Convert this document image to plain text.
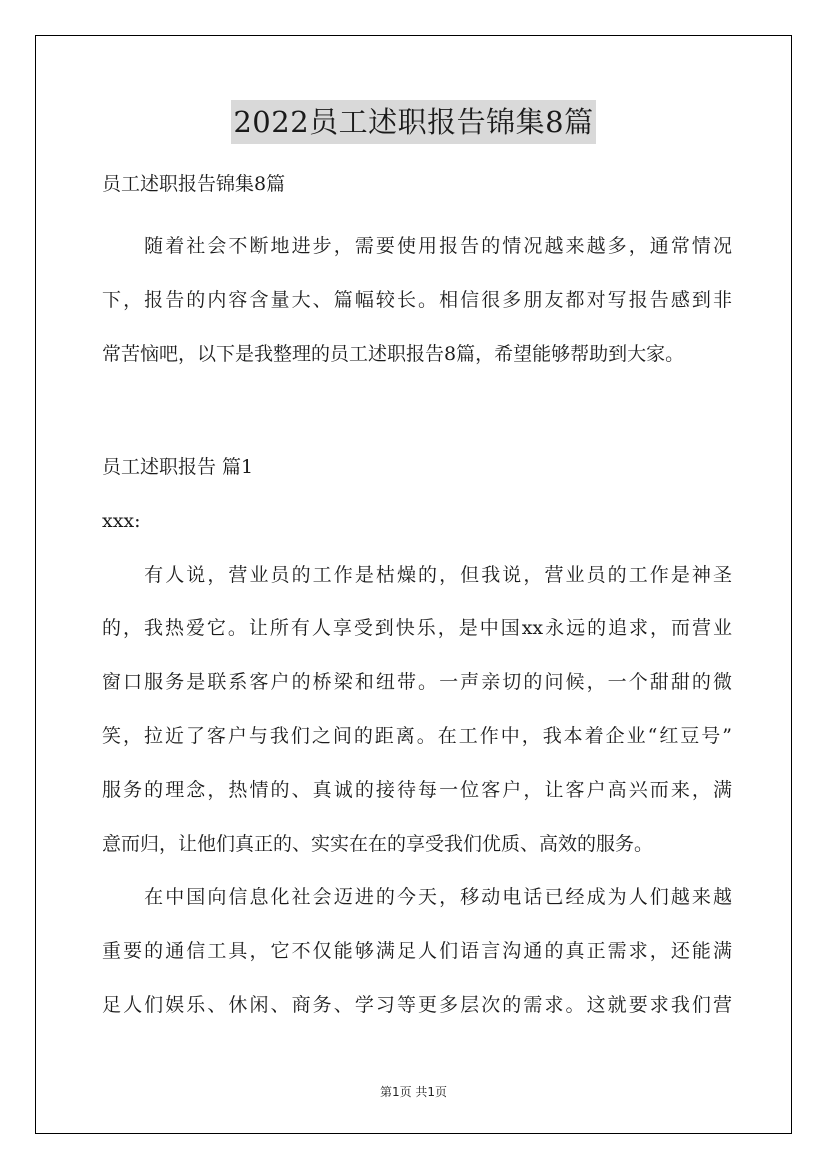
2022员工述职报告锦集8篇
员工述职报告锦集8篇
　　随着社会不断地进步，需要使用报告的情况越来越多，通常情况
下，报告的内容含量大、篇幅较长。相信很多朋友都对写报告感到非
常苦恼吧，以下是我整理的员工述职报告8篇，希望能够帮助到大家。
员工述职报告 篇1
xxx:
　　有人说，营业员的工作是枯燥的，但我说，营业员的工作是神圣
的，我热爱它。让所有人享受到快乐，是中国xx永远的追求，而营业
窗口服务是联系客户的桥梁和纽带。一声亲切的问候，一个甜甜的微
笑，拉近了客户与我们之间的距离。在工作中，我本着企业“红豆号”
服务的理念，热情的、真诚的接待每一位客户，让客户高兴而来，满
意而归，让他们真正的、实实在在的享受我们优质、高效的服务。
　　在中国向信息化社会迈进的今天，移动电话已经成为人们越来越
重要的通信工具，它不仅能够满足人们语言沟通的真正需求，还能满
足人们娱乐、休闲、商务、学习等更多层次的需求。这就要求我们营
第1页 共1页
